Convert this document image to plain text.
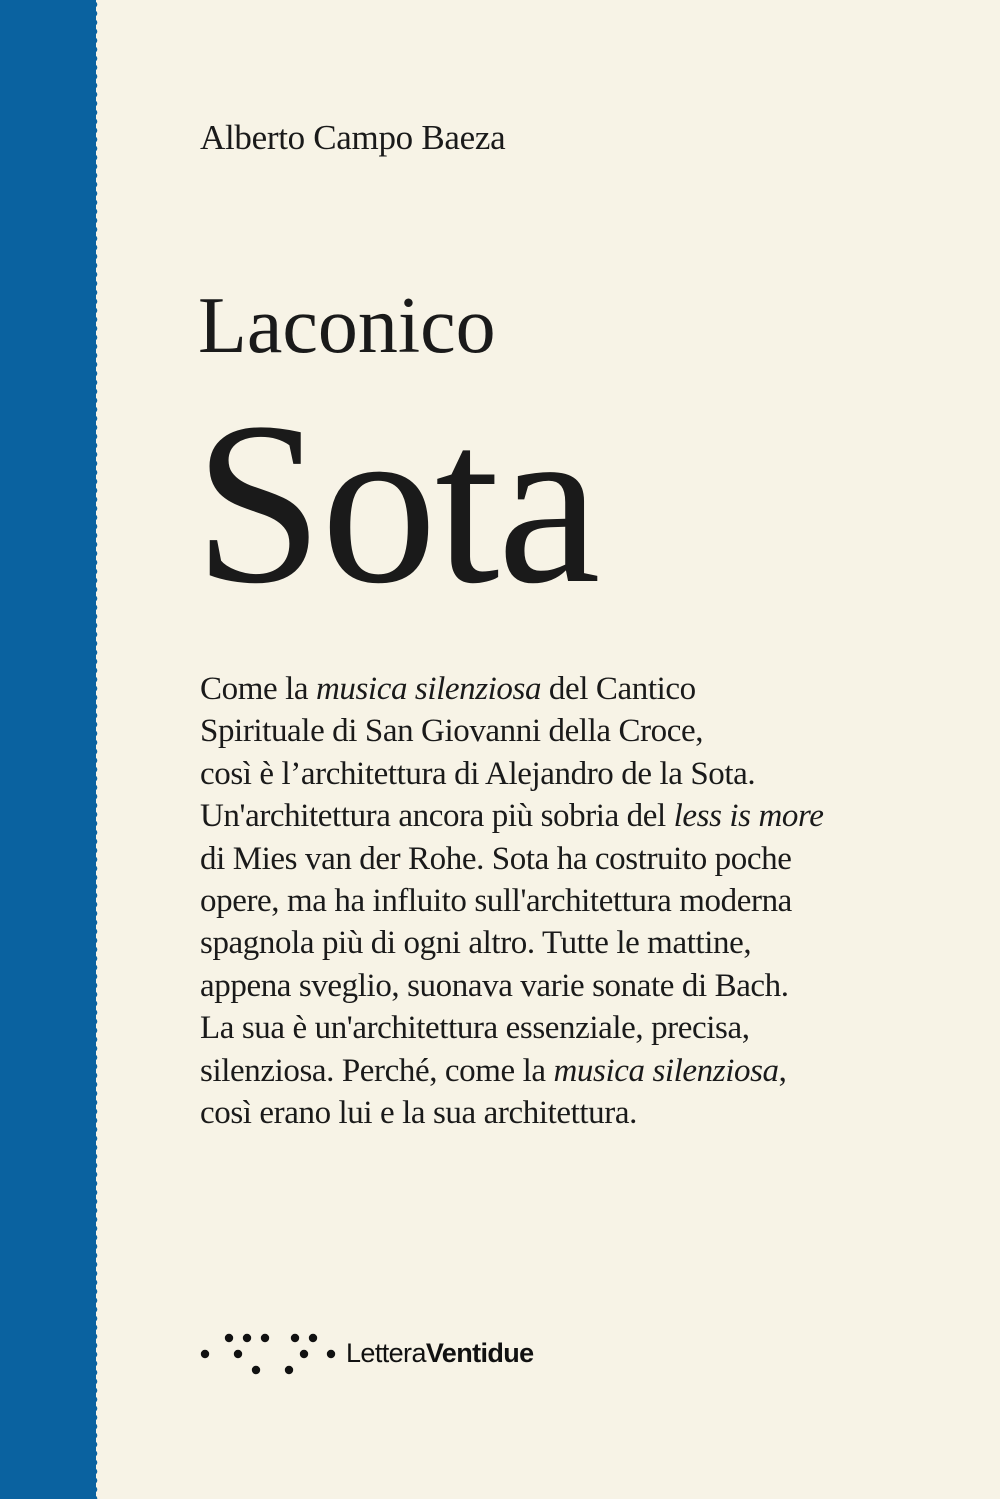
Alberto Campo Baeza
Laconico
Sota
Come la musica silenziosa del Cantico
Spirituale di San Giovanni della Croce,
così è l’architettura di Alejandro de la Sota.
Un'architettura ancora più sobria del less is more
di Mies van der Rohe. Sota ha costruito poche
opere, ma ha influito sull'architettura moderna
spagnola più di ogni altro. Tutte le mattine,
appena sveglio, suonava varie sonate di Bach.
La sua è un'architettura essenziale, precisa,
silenziosa. Perché, come la musica silenziosa,
così erano lui e la sua architettura.
LetteraVentidue
